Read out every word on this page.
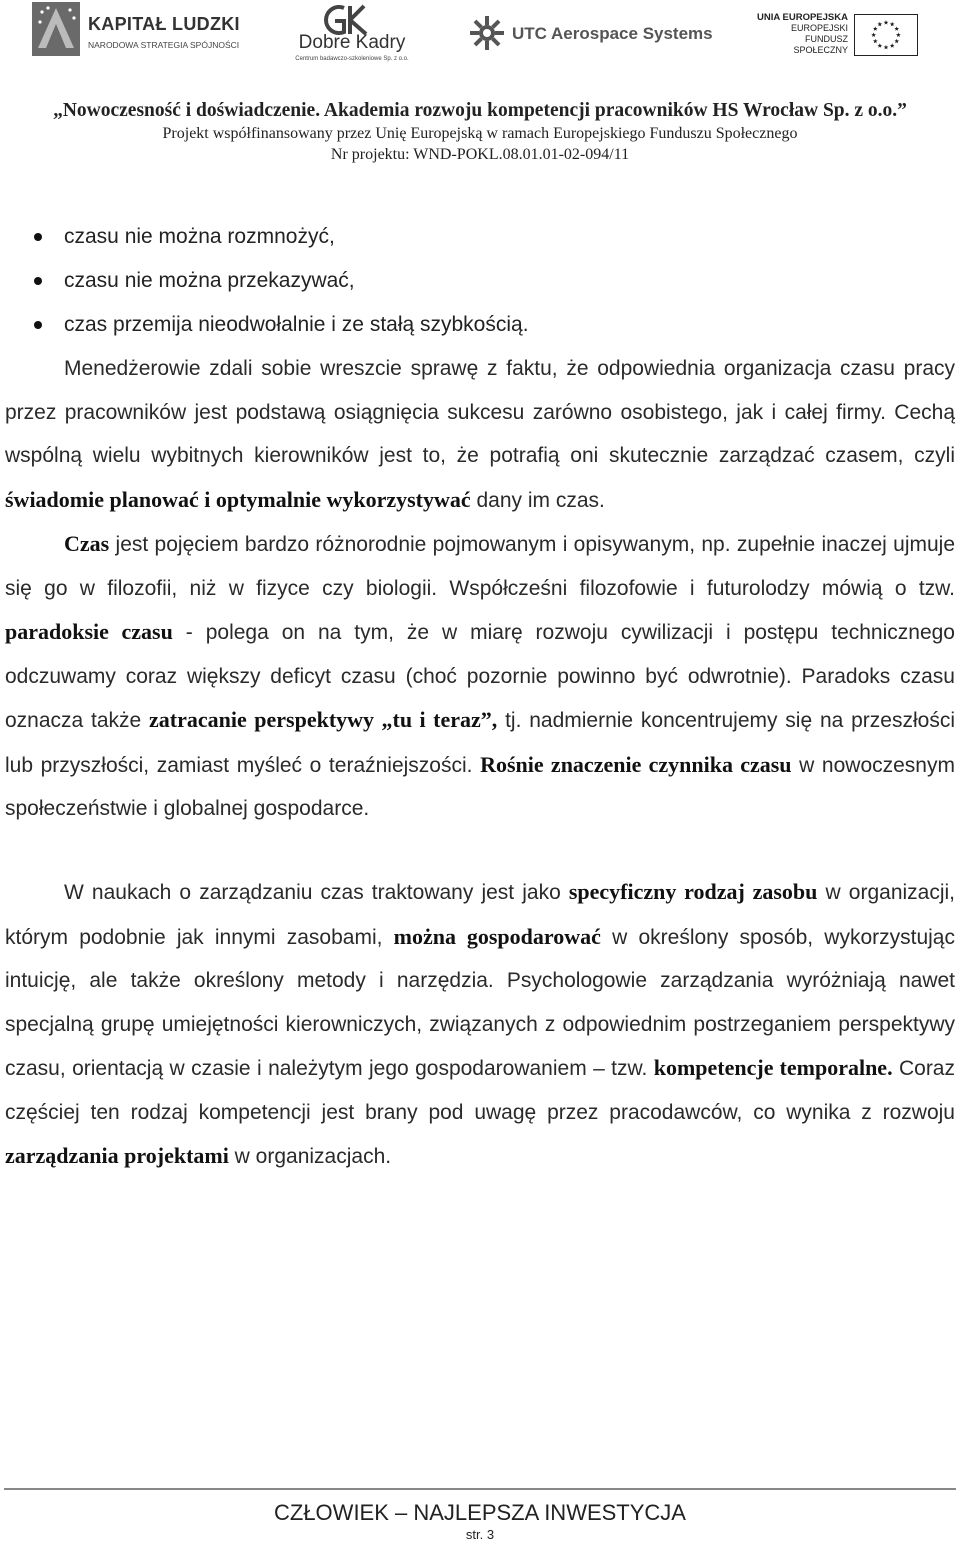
KAPITAŁ LUDZKI
NARODOWA STRATEGIA SPÓJNOŚCI	Dobre Kadry
Centrum badawczo-szkoleniowe Sp. z o.o.
UTC Aerospace Systems
UNIA EUROPEJSKA
EUROPEJSKI
FUNDUSZ SPOŁECZNY
„Nowoczesność i doświadczenie. Akademia rozwoju kompetencji pracowników HS Wrocław Sp. z o.o.”
Projekt współfinansowany przez Unię Europejską w ramach Europejskiego Funduszu Społecznego
Nr projektu: WND-POKL.08.01.01-02-094/11
czasu nie można rozmnożyć,
czasu nie można przekazywać,
czas przemija nieodwołalnie i ze stałą szybkością.

Menedżerowie zdali sobie wreszcie sprawę z faktu, że odpowiednia organizacja czasu pracy przez pracowników jest podstawą osiągnięcia sukcesu zarówno osobistego, jak i całej firmy. Cechą wspólną wielu wybitnych kierowników jest to, że potrafią oni skutecznie zarządzać czasem, czyli świadomie planować i optymalnie wykorzystywać dany im czas.

Czas jest pojęciem bardzo różnorodnie pojmowanym i opisywanym, np. zupełnie inaczej ujmuje się go w filozofii, niż w fizyce czy biologii. Współcześni filozofowie i futurolodzy mówią o tzw. paradoksie czasu - polega on na tym, że w miarę rozwoju cywilizacji i postępu technicznego odczuwamy coraz większy deficyt czasu (choć pozornie powinno być odwrotnie). Paradoks czasu oznacza także zatracanie perspektywy „tu i teraz”, tj. nadmiernie koncentrujemy się na przeszłości lub przyszłości, zamiast myśleć o teraźniejszości. Rośnie znaczenie czynnika czasu w nowoczesnym społeczeństwie i globalnej gospodarce.

W naukach o zarządzaniu czas traktowany jest jako specyficzny rodzaj zasobu w organizacji, którym podobnie jak innymi zasobami, można gospodarować w określony sposób, wykorzystując intuicję, ale także określony metody i narzędzia. Psychologowie zarządzania wyróżniają nawet specjalną grupę umiejętności kierowniczych, związanych z odpowiednim postrzeganiem perspektywy czasu, orientacją w czasie i należytym jego gospodarowaniem – tzw. kompetencje temporalne. Coraz częściej ten rodzaj kompetencji jest brany pod uwagę przez pracodawców, co wynika z rozwoju zarządzania projektami w organizacjach.

CZŁOWIEK – NAJLEPSZA INWESTYCJA
str. 3
